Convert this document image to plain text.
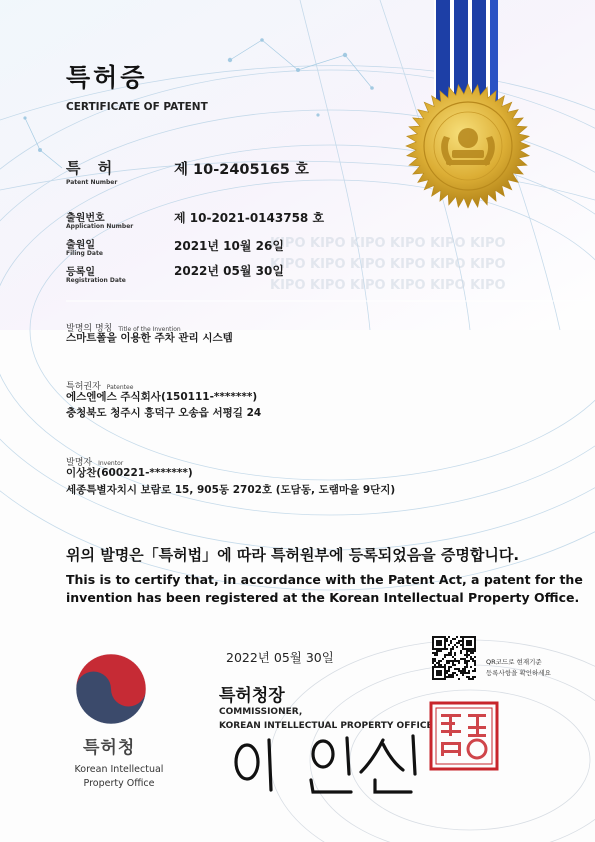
KIPO KIPO KIPO KIPO KIPO KIPO
KIPO KIPO KIPO KIPO KIPO KIPO
KIPO KIPO KIPO KIPO KIPO KIPO
특허증
CERTIFICATE OF PATENT
특 허
Patent Number
제 10-2405165 호
출원번호
Application Number
제 10-2021-0143758 호
출원일
Filing Date
2021년 10월 26일
등록일
Registration Date
2022년 05월 30일
발명의 명칭 Title of the Invention
스마트폴을 이용한 주차 관리 시스템
특허권자 Patentee
에스엔에스 주식회사(150111-*******)
충청북도 청주시 흥덕구 오송읍 서평길 24
발명자 Inventor
이상찬(600221-*******)
세종특별자치시 보람로 15, 905동 2702호 (도담동, 도램마을 9단지)
위의 발명은「특허법」에 따라 특허원부에 등록되었음을 증명합니다.
This is to certify that, in accordance with the Patent Act, a patent for the
invention has been registered at the Korean Intellectual Property Office.
2022년 05월 30일	QR코드로 현재기준
등록사항을 확인하세요
특허청장
COMMISSIONER,
KOREAN INTELLECTUAL PROPERTY OFFICE
특허청
Korean Intellectual
Property Office
